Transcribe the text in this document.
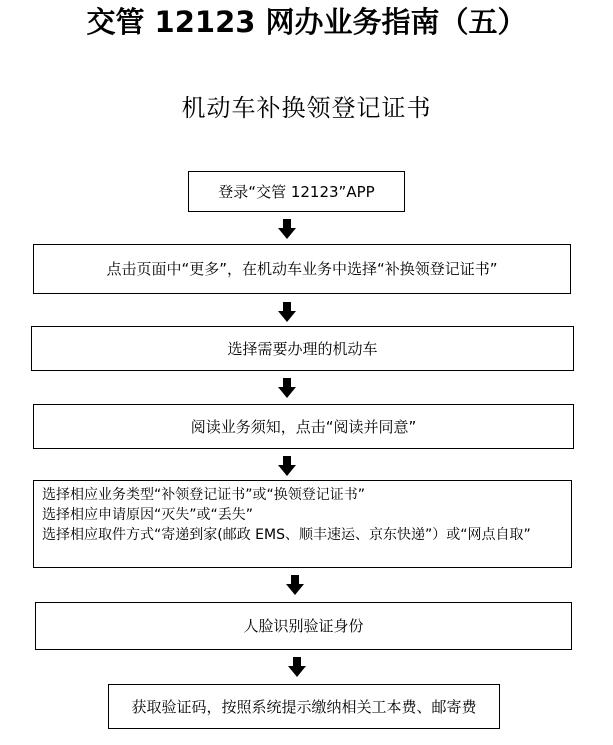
交管 12123 网办业务指南（五）
机动车补换领登记证书
登录“交管 12123”APP
点击页面中“更多”，在机动车业务中选择“补换领登记证书”
选择需要办理的机动车
阅读业务须知，点击“阅读并同意”
选择相应业务类型“补领登记证书”或“换领登记证书”
选择相应申请原因“灭失”或“丢失”
选择相应取件方式“寄递到家(邮政 EMS、顺丰速运、京东快递”）或“网点自取”
人脸识别验证身份
获取验证码，按照系统提示缴纳相关工本费、邮寄费
